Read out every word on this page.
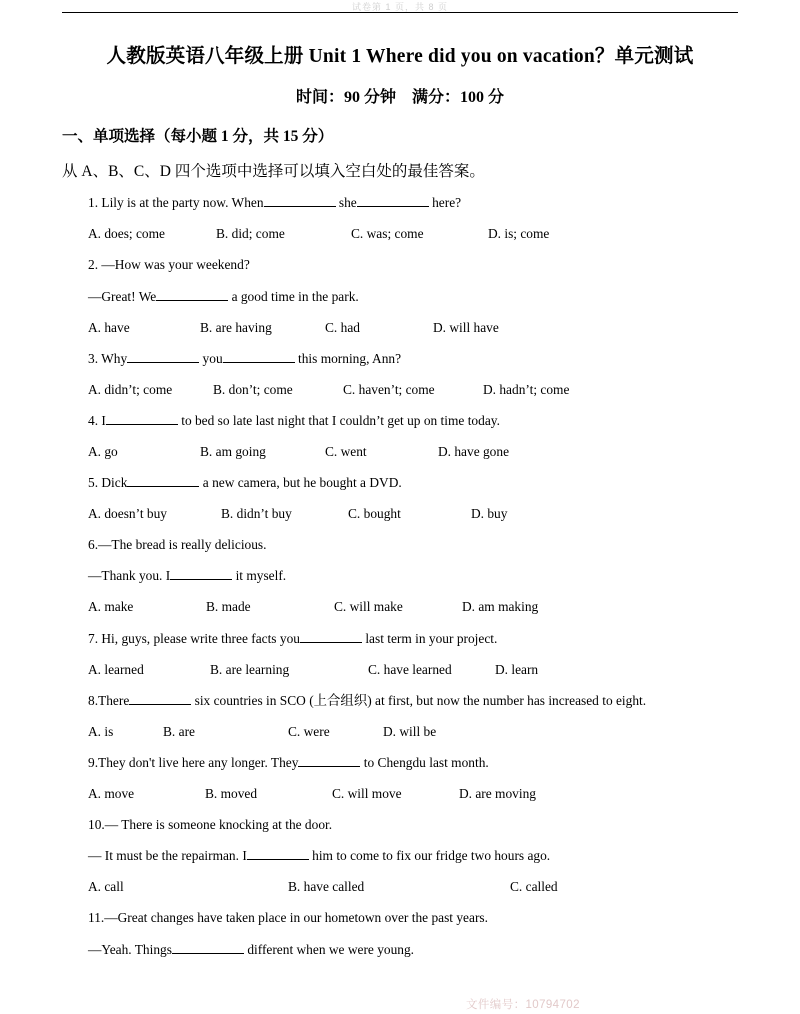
试卷第 1 页，共 8 页
人教版英语八年级上册 Unit 1 Where did you on vacation？单元测试
时间：90 分钟　满分：100 分
一、单项选择（每小题 1 分，共 15 分）
从 A、B、C、D 四个选项中选择可以填入空白处的最佳答案。
1. Lily is at the party now. When	she	here?
A. does; come	B. did; come	C. was; come	D. is; come
2. —How was your weekend?
—Great! We	a good time in the park.
A. have	B. are having	C. had	D. will have
3. Why	you	this morning, Ann?
A. didn’t; come	B. don’t; come	C. haven’t; come	D. hadn’t; come
4. I	to bed so late last night that I couldn’t get up on time today.
A. go	B. am going	C. went	D. have gone
5. Dick	a new camera, but he bought a DVD.
A. doesn’t buy	B. didn’t buy	C. bought	D. buy
6.—The bread is really delicious.
—Thank you. I	it myself.
A. make	B. made	C. will make	D. am making
7. Hi, guys, please write three facts you	last term in your project.
A. learned	B. are learning	C. have learned	D. learn
8.There	six countries in SCO (上合组织) at first, but now the number has increased to eight.
A. is	B. are	C. were	D. will be
9.They don't live here any longer. They	to Chengdu last month.
A. move	B. moved	C. will move	D. are moving
10.— There is someone knocking at the door.
— It must be the repairman. I	him to come to fix our fridge two hours ago.
A. call	B. have called	C. called
11.—Great changes have taken place in our hometown over the past years.
—Yeah. Things	different when we were young.
文件编号：10794702
